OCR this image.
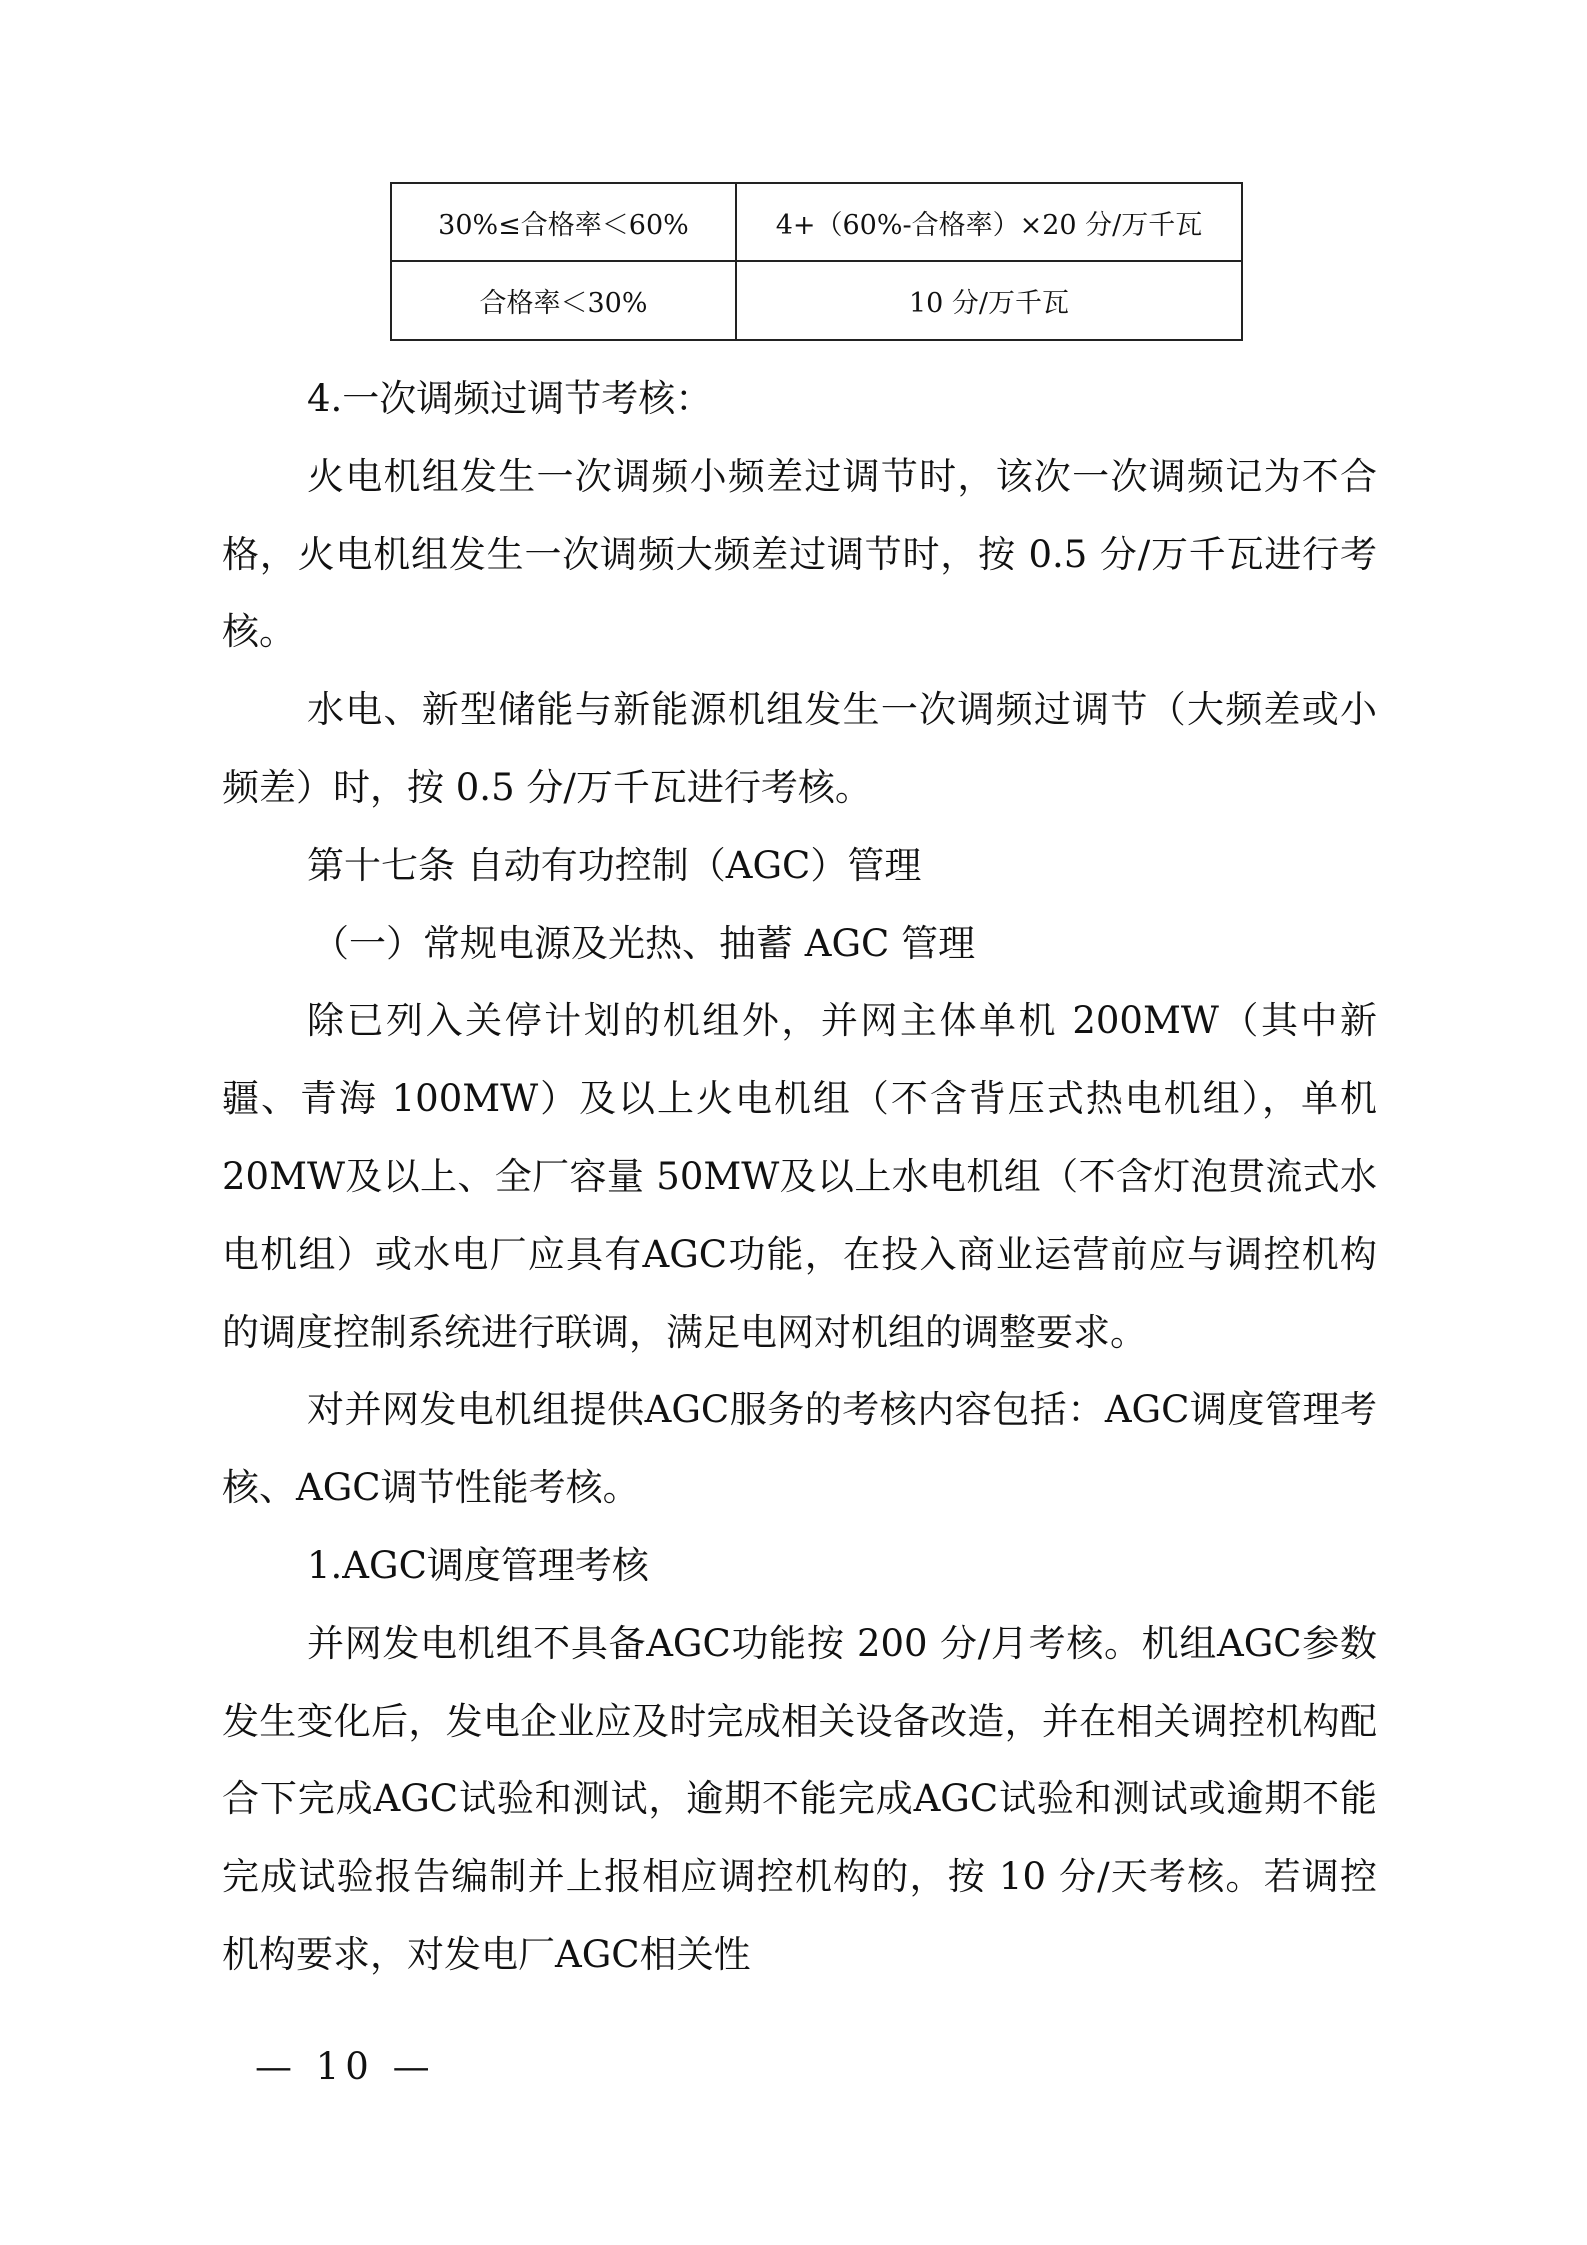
30%≤合格率＜60%	4+（60%-合格率）×20 分/万千瓦
合格率＜30%	10 分/万千瓦

4.一次调频过调节考核：

火电机组发生一次调频小频差过调节时，该次一次调频记为不合格，火电机组发生一次调频大频差过调节时，按 0.5 分/万千瓦进行考核。

水电、新型储能与新能源机组发生一次调频过调节（大频差或小频差）时，按 0.5 分/万千瓦进行考核。

第十七条 自动有功控制（AGC）管理

（一）常规电源及光热、抽蓄 AGC 管理

除已列入关停计划的机组外，并网主体单机 200MW（其中新疆、青海 100MW）及以上火电机组（不含背压式热电机组），单机 20MW及以上、全厂容量 50MW及以上水电机组（不含灯泡贯流式水电机组）或水电厂应具有AGC功能，在投入商业运营前应与调控机构的调度控制系统进行联调，满足电网对机组的调整要求。

对并网发电机组提供AGC服务的考核内容包括：AGC调度管理考核、AGC调节性能考核。

1.AGC调度管理考核

并网发电机组不具备AGC功能按 200 分/月考核。机组AGC参数发生变化后，发电企业应及时完成相关设备改造，并在相关调控机构配合下完成AGC试验和测试，逾期不能完成AGC试验和测试或逾期不能完成试验报告编制并上报相应调控机构的，按 10 分/天考核。若调控机构要求，对发电厂AGC相关性

— 10 —
